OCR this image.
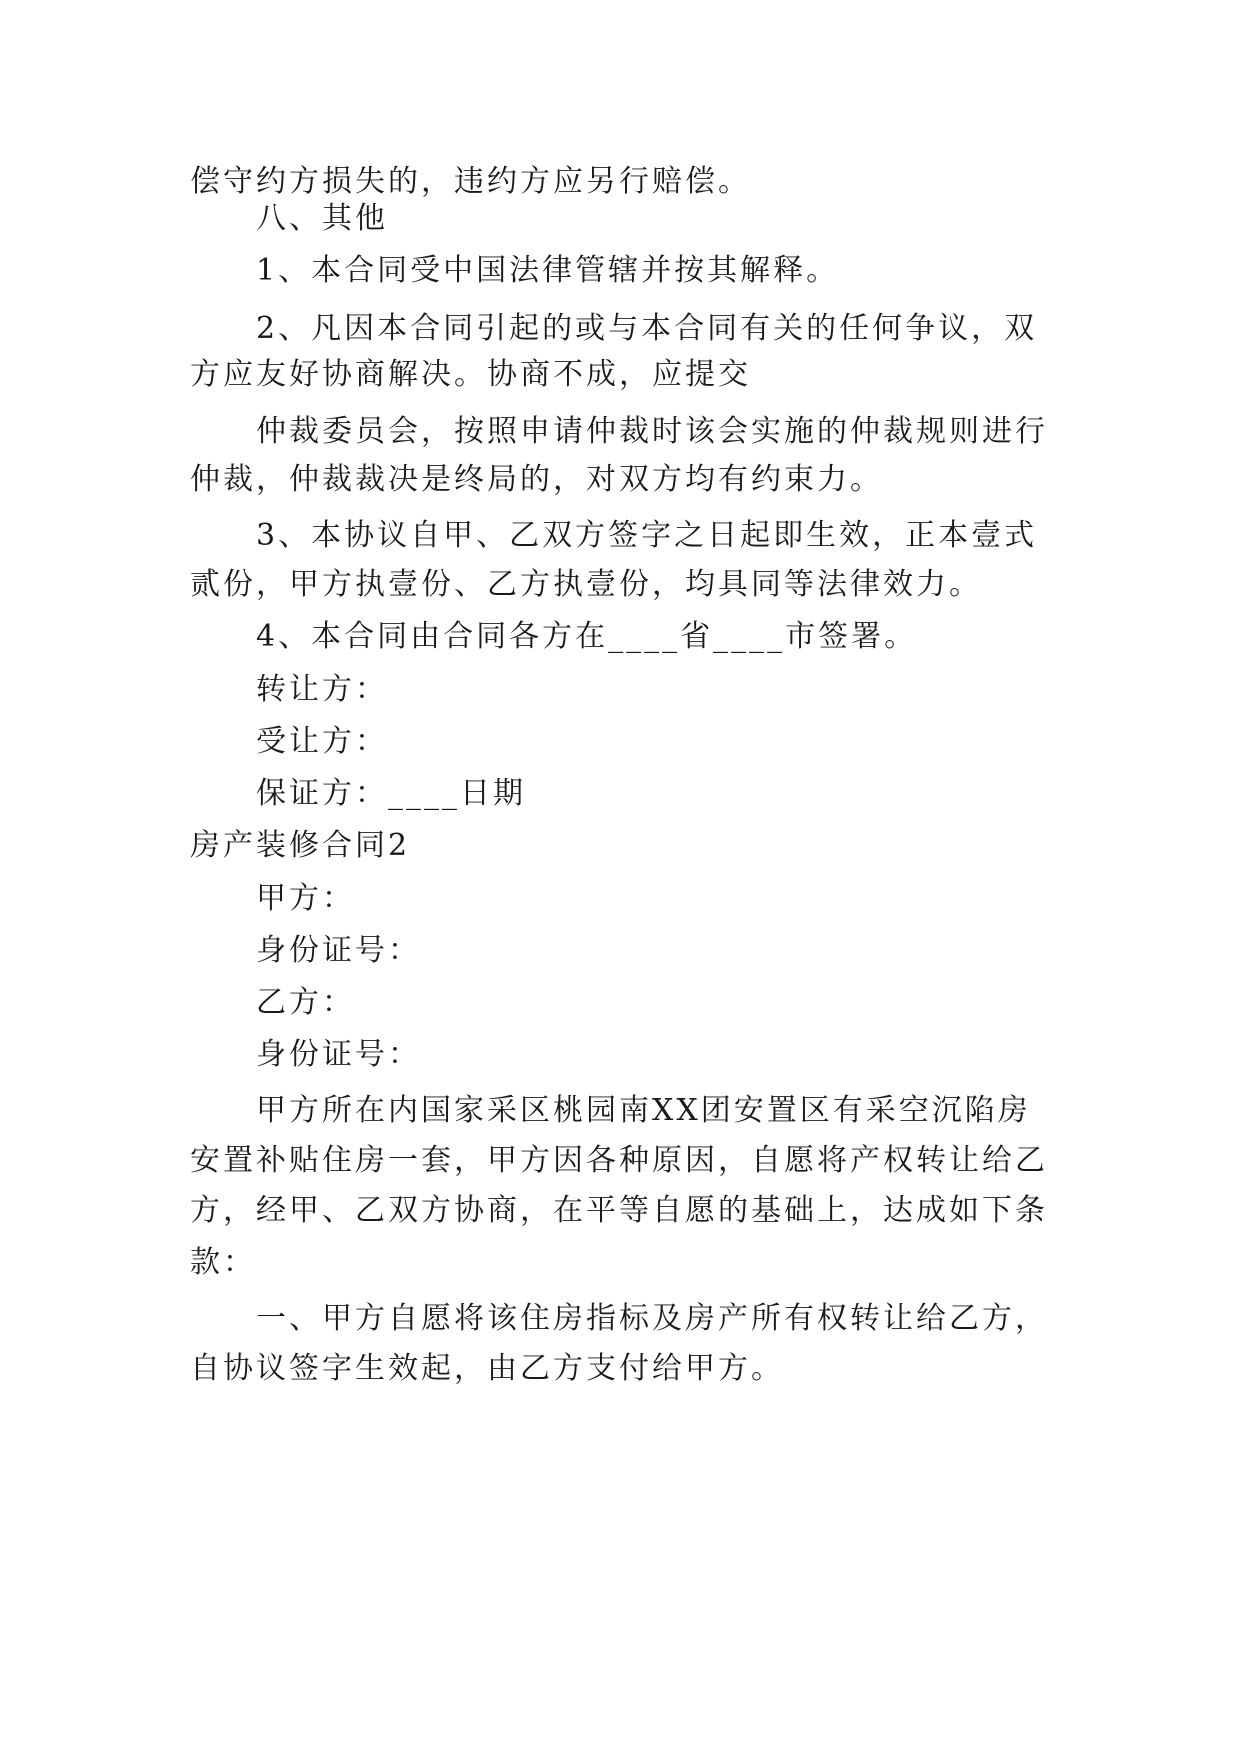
偿守约方损失的，违约方应另行赔偿。
八、其他
1、本合同受中国法律管辖并按其解释。
2、凡因本合同引起的或与本合同有关的任何争议，双
方应友好协商解决。协商不成，应提交
仲裁委员会，按照申请仲裁时该会实施的仲裁规则进行
仲裁，仲裁裁决是终局的，对双方均有约束力。
3、本协议自甲、乙双方签字之日起即生效，正本壹式
贰份，甲方执壹份、乙方执壹份，均具同等法律效力。
4、本合同由合同各方在____省____市签署。
转让方：
受让方：
保证方：____日期
房产装修合同2
甲方：
身份证号：
乙方：
身份证号：
甲方所在内国家采区桃园南XX团安置区有采空沉陷房
安置补贴住房一套，甲方因各种原因，自愿将产权转让给乙
方，经甲、乙双方协商，在平等自愿的基础上，达成如下条
款：
一、甲方自愿将该住房指标及房产所有权转让给乙方，
自协议签字生效起，由乙方支付给甲方。
